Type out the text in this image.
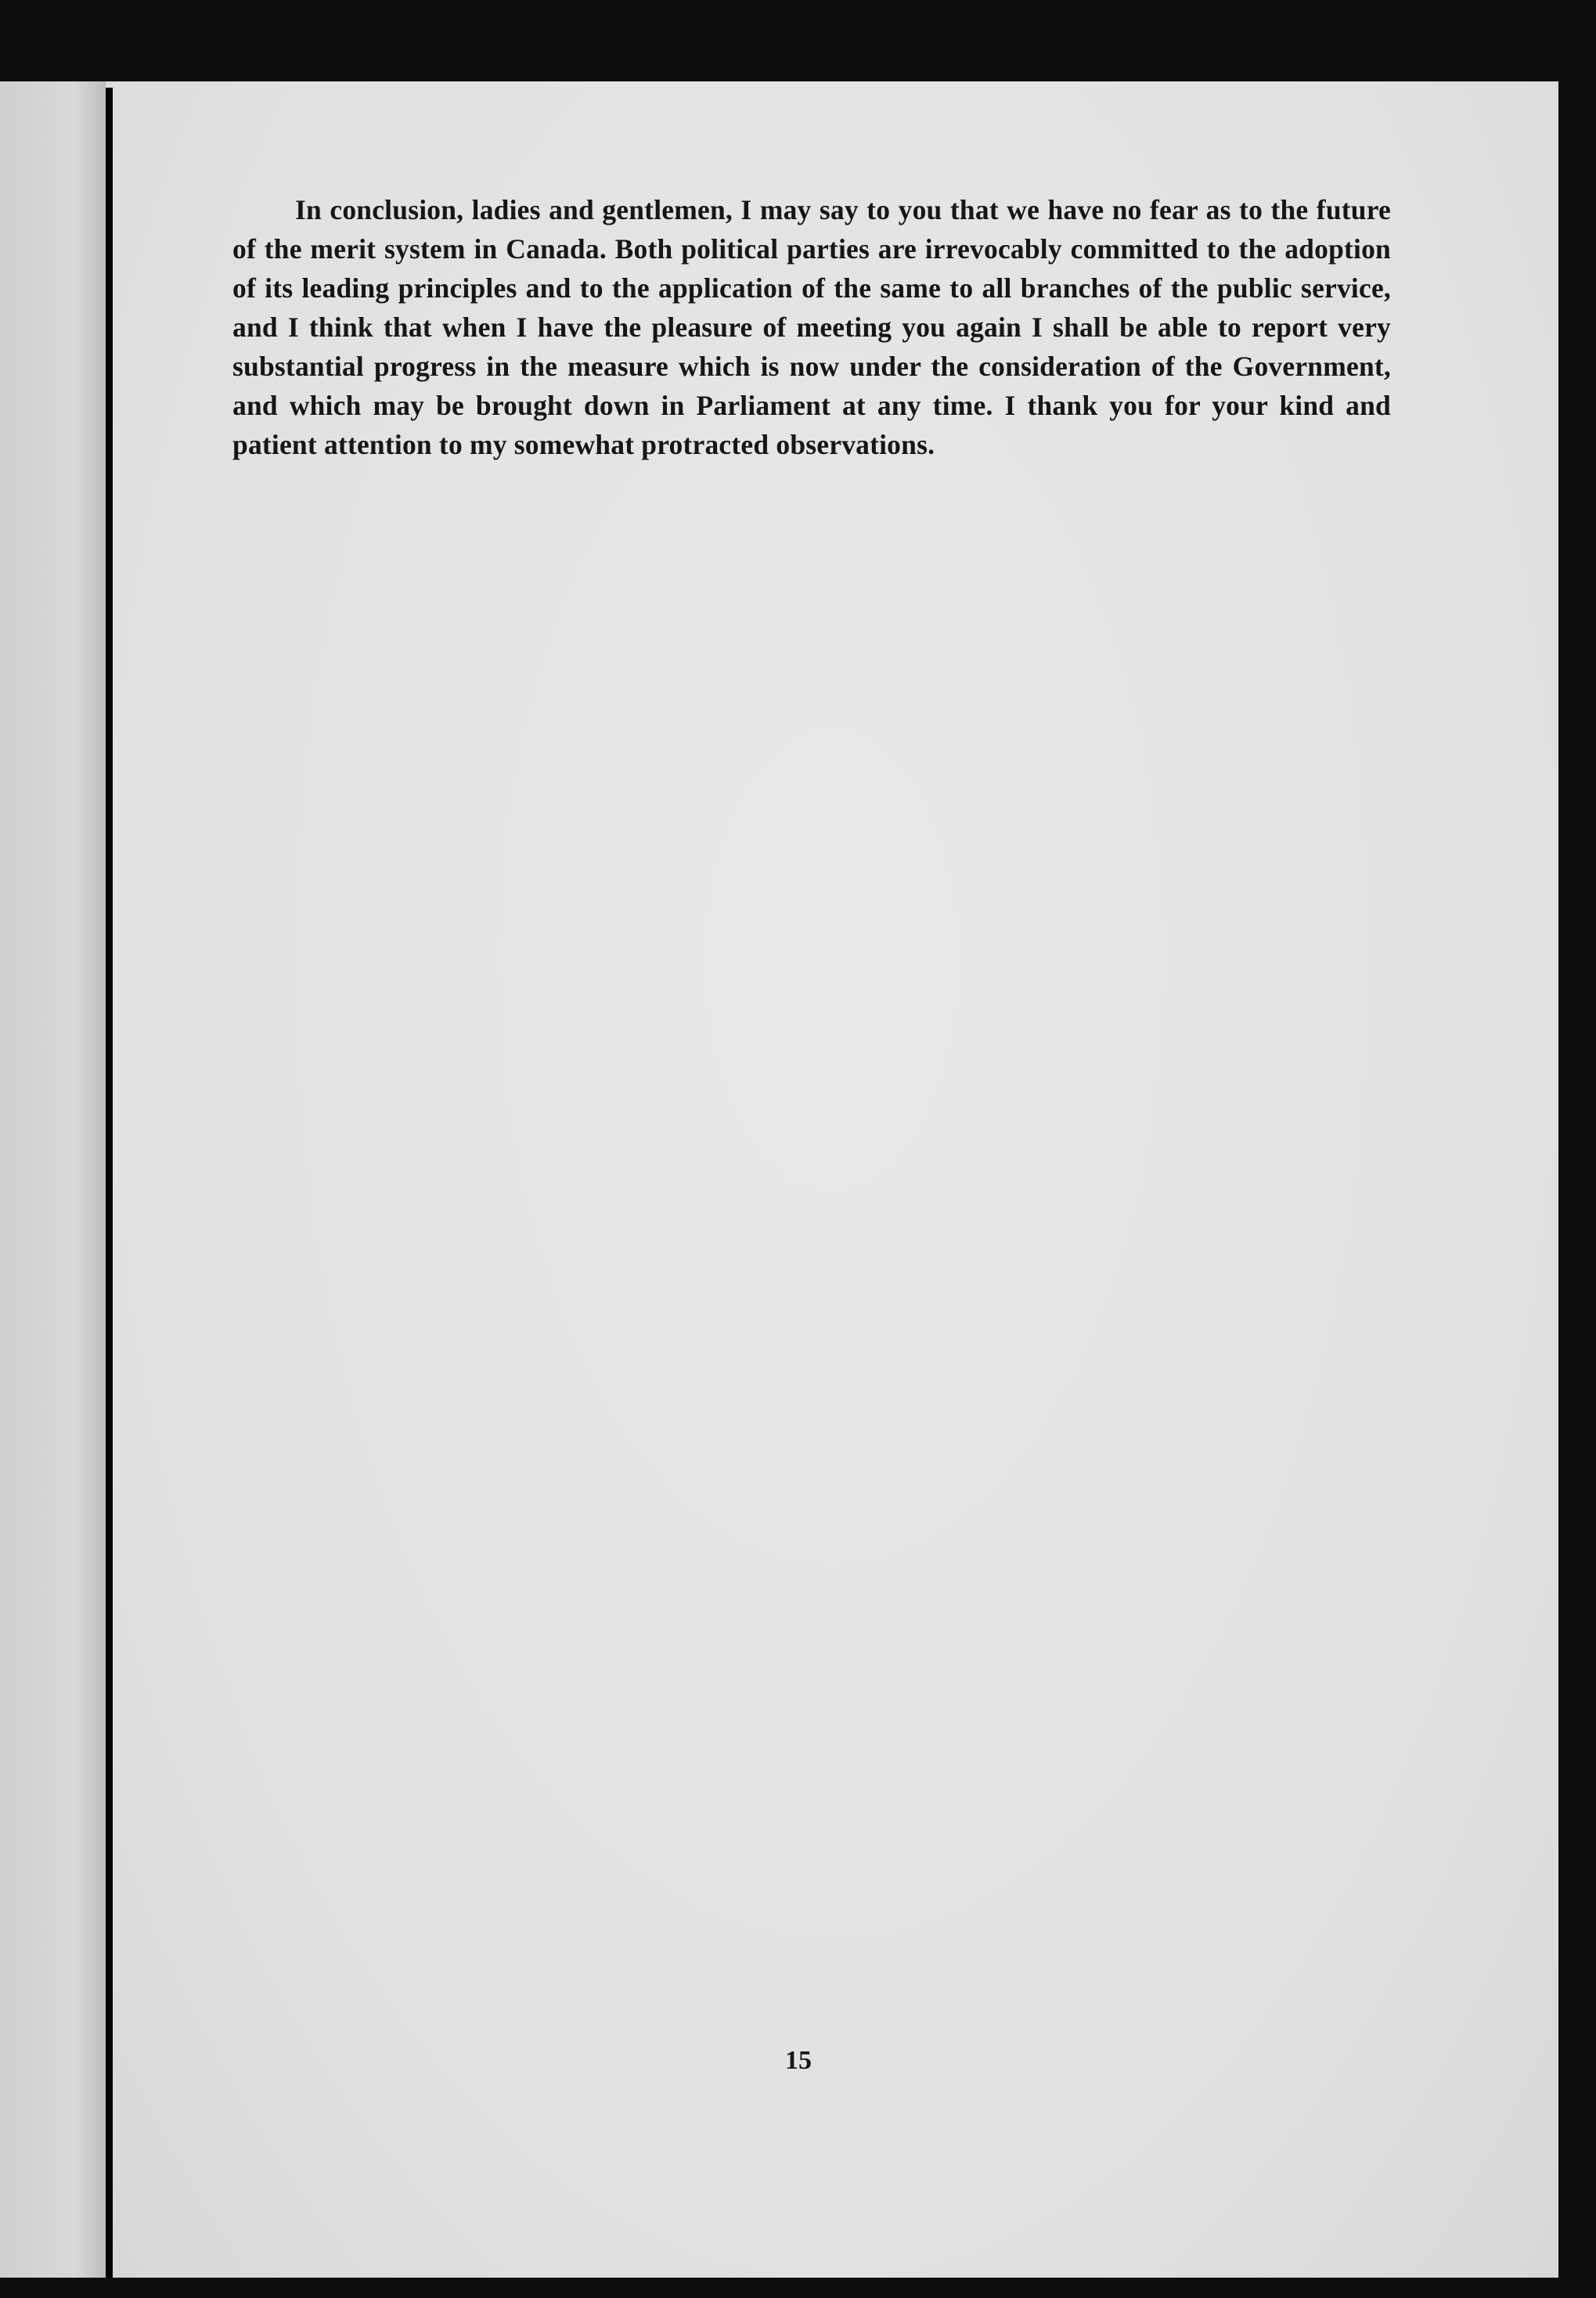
In conclusion, ladies and gentlemen, I may say to you that we have no fear as to the future of the merit system in Canada. Both political parties are irrevocably committed to the adoption of its leading principles and to the application of the same to all branches of the public service, and I think that when I have the pleasure of meeting you again I shall be able to report very substantial progress in the measure which is now under the consideration of the Government, and which may be brought down in Parliament at any time. I thank you for your kind and patient attention to my somewhat protracted observations.

15
